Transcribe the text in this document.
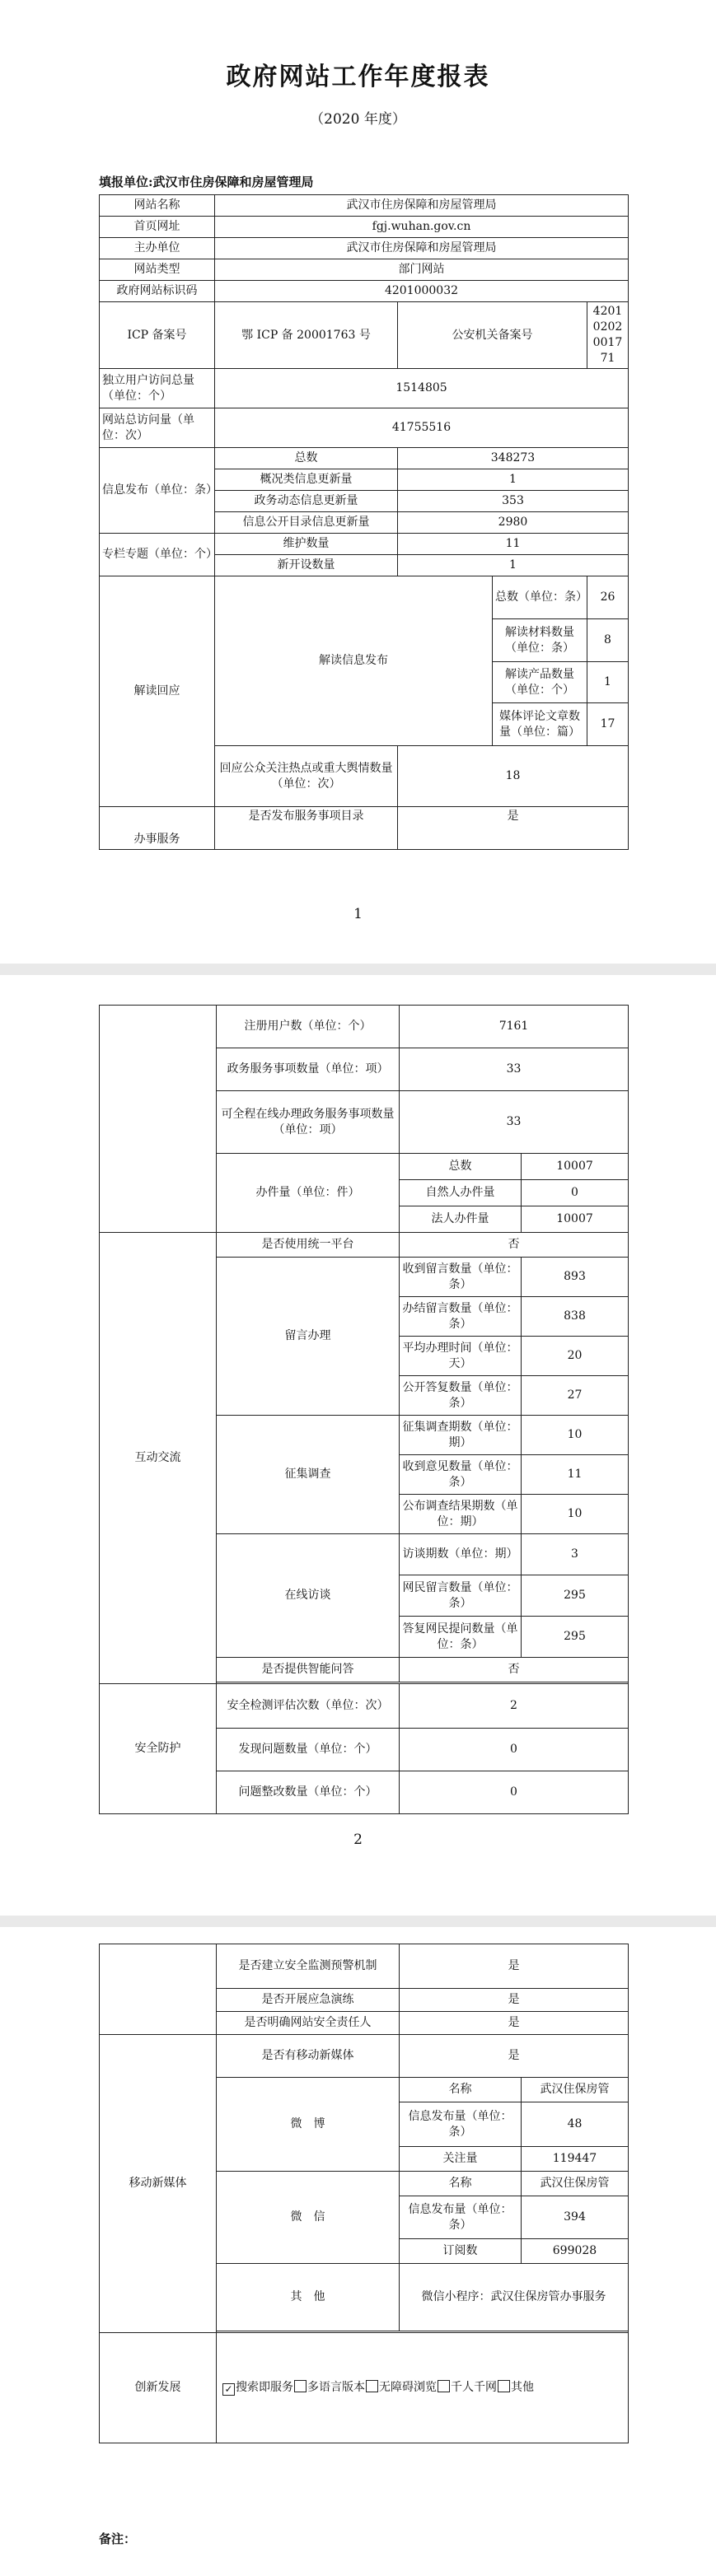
政府网站工作年度报表
（2020 年度）
填报单位:武汉市住房保障和房屋管理局
网站名称	武汉市住房保障和房屋管理局			
首页网址	fgj.wuhan.gov.cn			
主办单位	武汉市住房保障和房屋管理局			
网站类型	部门网站			
政府网站标识码	4201000032			
ICP 备案号	鄂 ICP 备 20001763 号	公安机关备案号		42010202001771
独立用户访问总量（单位：个）	1514805			
网站总访问量（单位：次）	41755516			
信息发布（单位：条）	总数	348273		
	概况类信息更新量	1		
	政务动态信息更新量	353		
	信息公开目录信息更新量	2980		
专栏专题（单位：个）	维护数量	11		
	新开设数量	1		
解读回应	解读信息发布		总数（单位：条）	26
			解读材料数量（单位：条）	8
			解读产品数量（单位：个）	1
			媒体评论文章数量（单位：篇）	17
	回应公众关注热点或重大舆情数量（单位：次）	18		
办事服务	是否发布服务事项目录	是		
1
	注册用户数（单位：个）	7161	
	政务服务事项数量（单位：项）	33	
	可全程在线办理政务服务事项数量（单位：项）	33	
	办件量（单位：件）	总数	10007
		自然人办件量	0
		法人办件量	10007
互动交流	是否使用统一平台	否	
	留言办理	收到留言数量（单位：条）	893
		办结留言数量（单位：条）	838
		平均办理时间（单位：天）	20
		公开答复数量（单位：条）	27
	征集调查	征集调查期数（单位：期）	10
		收到意见数量（单位：条）	11
		公布调查结果期数（单位：期）	10
	在线访谈	访谈期数（单位：期）	3
		网民留言数量（单位：条）	295
		答复网民提问数量（单位：条）	295
	是否提供智能问答	否	

安全防护	安全检测评估次数（单位：次）	2	
	发现问题数量（单位：个）	0	
	问题整改数量（单位：个）	0	
2
	是否建立安全监测预警机制	是	
	是否开展应急演练	是	
	是否明确网站安全责任人	是	
移动新媒体	是否有移动新媒体	是	
	微　博	名称	武汉住保房管
		信息发布量（单位：条）	48
		关注量	119447
	微　信	名称	武汉住保房管
		信息发布量（单位：条）	394
		订阅数	699028
	其　他	微信小程序：武汉住保房管办事服务	

创新发展	✓ 搜索即服务 多语言版本 无障碍浏览 千人千网 其他		
备注：
